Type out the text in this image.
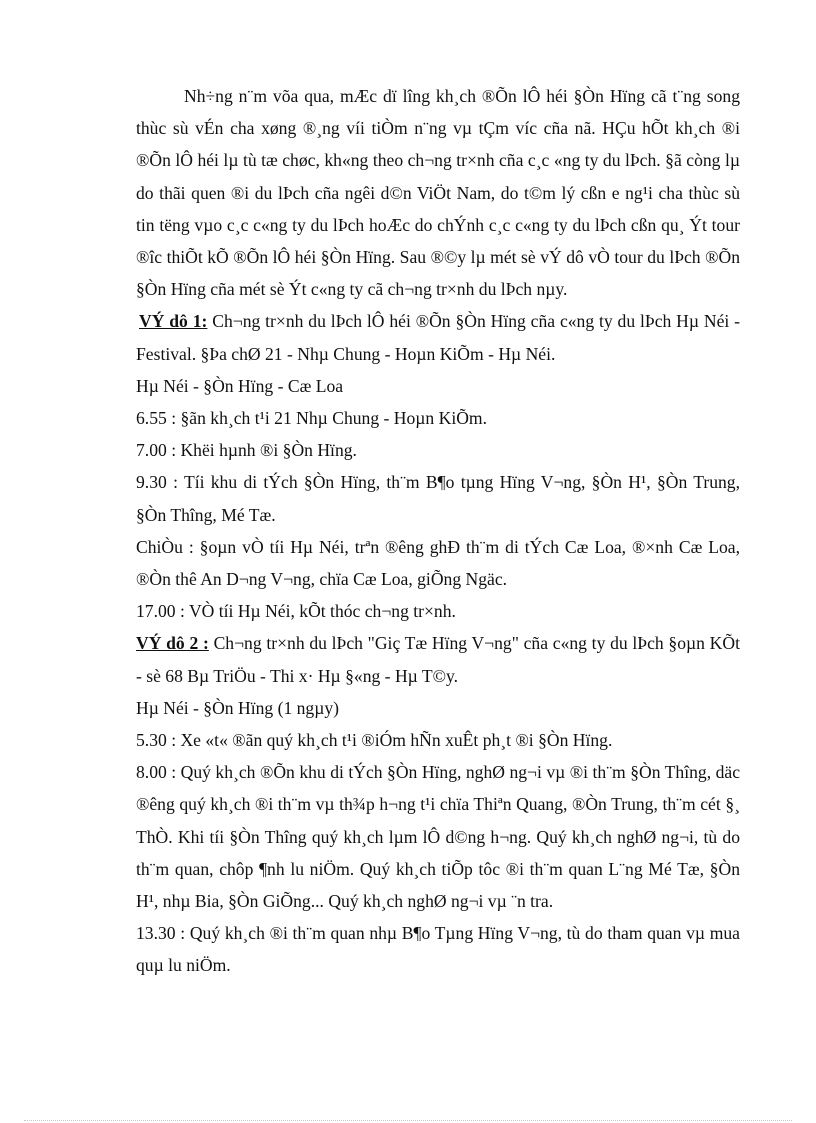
Nh÷ng n¨m võa qua, mÆc dï lîng kh¸ch ®Õn lÔ héi §Òn Hïng cã t¨ng song thùc sù vÉn cha xøng ®¸ng víi tiÒm n¨ng vµ tÇm víc cña nã. HÇu hÕt kh¸ch ®i ®Õn lÔ héi lµ tù tæ chøc, kh«ng theo ch¬ng tr×nh cña c¸c «ng ty du lÞch. §ã còng lµ do thãi quen ®i du lÞch cña ngêi d©n ViÖt Nam, do t©m lý cßn e ng¹i cha thùc sù tin tëng vµo c¸c c«ng ty du lÞch hoÆc do chÝnh c¸c c«ng ty du lÞch cßn qu¸ Ýt tour ®îc thiÕt kÕ ®Õn lÔ héi §Òn Hïng. Sau ®©y lµ mét sè vÝ dô vÒ tour du lÞch ®Õn §Òn Hïng cña mét sè Ýt c«ng ty cã ch¬ng tr×nh du lÞch nµy.

VÝ dô 1: Ch¬ng tr×nh du lÞch lÔ héi ®Õn §Òn Hïng cña c«ng ty du lÞch Hµ Néi - Festival. §Þa chØ 21 - Nhµ Chung - Hoµn KiÕm - Hµ Néi.

Hµ Néi - §Òn Hïng - Cæ Loa

6.55 : §ãn kh¸ch t¹i 21 Nhµ Chung - Hoµn KiÕm.

7.00 : Khëi hµnh ®i §Òn Hïng.

9.30 : Tíi khu di tÝch §Òn Hïng, th¨m B¶o tµng Hïng V¬ng, §Òn H¹, §Òn Trung, §Òn Thîng, Mé Tæ.

ChiÒu : §oµn vÒ tíi Hµ Néi, trªn ®êng ghÐ th¨m di tÝch Cæ Loa, ®×nh Cæ Loa, ®Òn thê An D¬ng V¬ng, chïa Cæ Loa, giÕng Ngäc.

17.00 : VÒ tíi Hµ Néi, kÕt thóc ch¬ng tr×nh.

VÝ dô 2 : Ch¬ng tr×nh du lÞch "Giç Tæ Hïng V¬ng" cña c«ng ty du lÞch §oµn KÕt - sè 68 Bµ TriÖu - Thi x· Hµ §«ng - Hµ T©y.

Hµ Néi - §Òn Hïng (1 ngµy)

5.30 : Xe «t« ®ãn quý kh¸ch t¹i ®iÓm hÑn xuÊt ph¸t ®i §Òn Hïng.

8.00 : Quý kh¸ch ®Õn khu di tÝch §Òn Hïng, nghØ ng¬i vµ ®i th¨m §Òn Thîng, däc ®êng quý kh¸ch ®i th¨m vµ th¾p h¬ng t¹i chïa Thiªn Quang, ®Òn Trung, th¨m cét §¸ ThÒ. Khi tíi §Òn Thîng quý kh¸ch lµm lÔ d©ng h¬ng. Quý kh¸ch nghØ ng¬i, tù do th¨m quan, chôp ¶nh lu niÖm. Quý kh¸ch tiÕp tôc ®i th¨m quan L¨ng Mé Tæ, §Òn H¹, nhµ Bia, §Òn GiÕng... Quý kh¸ch nghØ ng¬i vµ ¨n tra.

13.30 : Quý kh¸ch ®i th¨m quan nhµ B¶o Tµng Hïng V¬ng, tù do tham quan vµ mua quµ lu niÖm.
